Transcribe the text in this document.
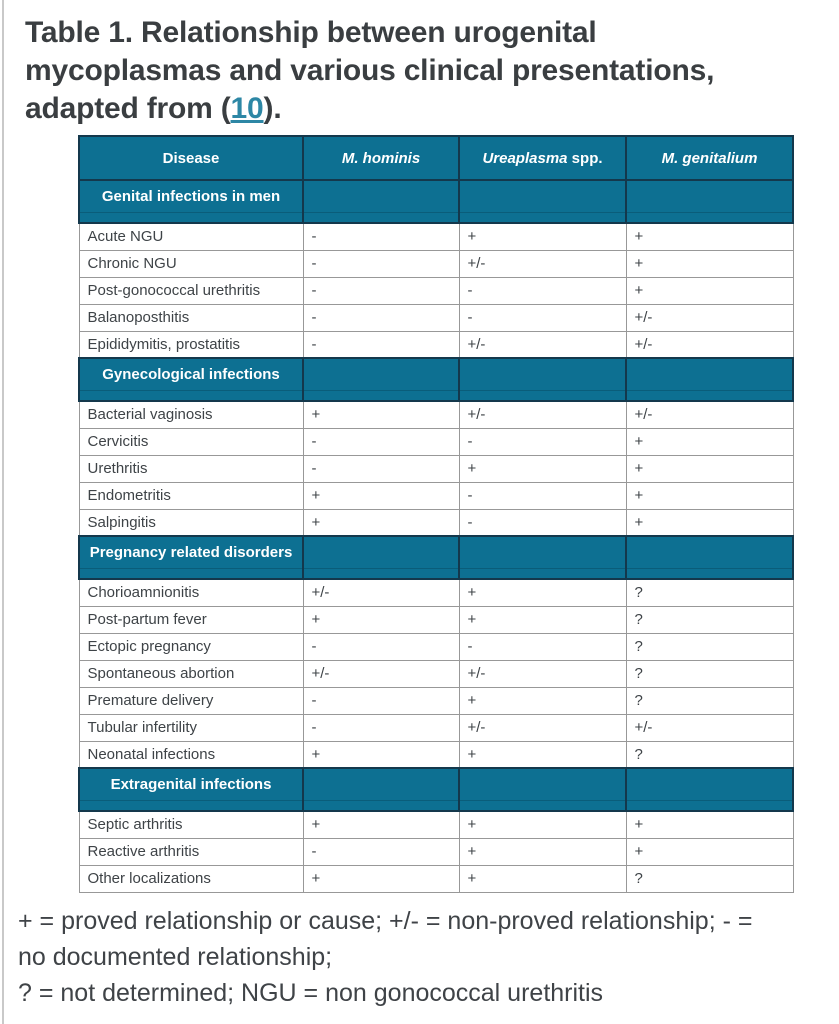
Table 1. Relationship between urogenital mycoplasmas and various clinical presentations, adapted from (10).
Disease	M. hominis	Ureaplasma spp.	M. genitalium
Genital infections in men			

Acute NGU	-	+	+
Chronic NGU	-	+/-	+
Post-gonococcal urethritis	-	-	+
Balanoposthitis	-	-	+/-
Epididymitis, prostatitis	-	+/-	+/-
Gynecological infections			

Bacterial vaginosis	+	+/-	+/-
Cervicitis	-	-	+
Urethritis	-	+	+
Endometritis	+	-	+
Salpingitis	+	-	+
Pregnancy related disorders			

Chorioamnionitis	+/-	+	?
Post-partum fever	+	+	?
Ectopic pregnancy	-	-	?
Spontaneous abortion	+/-	+/-	?
Premature delivery	-	+	?
Tubular infertility	-	+/-	+/-
Neonatal infections	+	+	?
Extragenital infections			

Septic arthritis	+	+	+
Reactive arthritis	-	+	+
Other localizations	+	+	?

+ = proved relationship or cause; +/- = non-proved relationship; - =

no documented relationship;

? = not determined; NGU = non gonococcal urethritis
